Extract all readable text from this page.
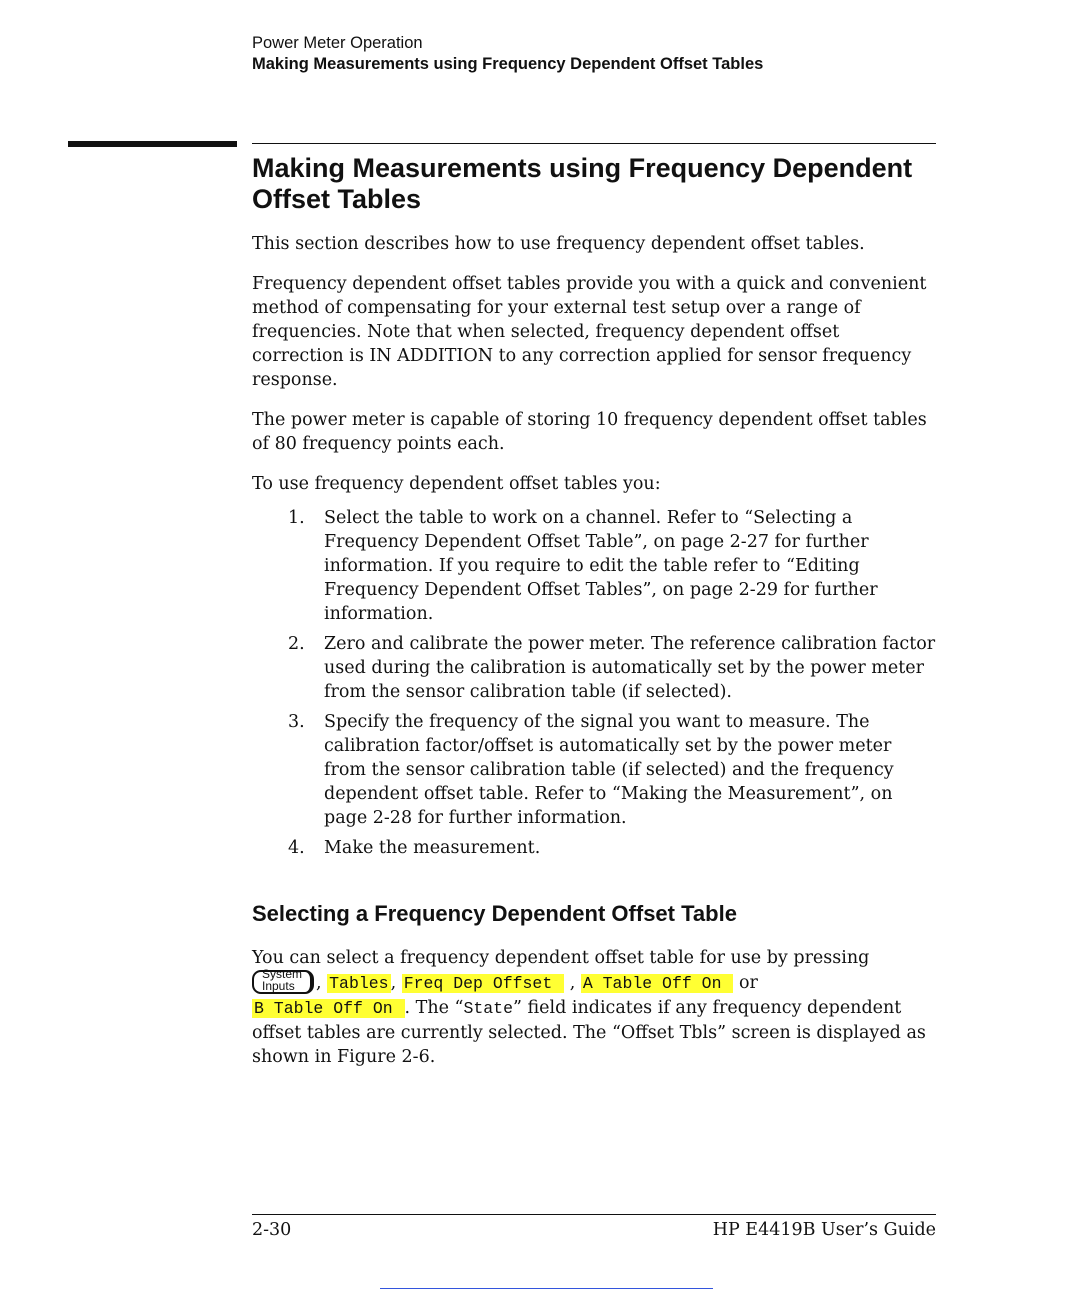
Power Meter Operation
Making Measurements using Frequency Dependent Offset Tables
Making Measurements using Frequency Dependent
Offset Tables

This section describes how to use frequency dependent offset tables.

Frequency dependent offset tables provide you with a quick and convenient method of compensating for your external test setup over a range of frequencies. Note that when selected, frequency dependent offset correction is IN ADDITION to any correction applied for sensor frequency response.

The power meter is capable of storing 10 frequency dependent offset tables of 80 frequency points each.

To use frequency dependent offset tables you:

1. Select the table to work on a channel. Refer to “Selecting a Frequency Dependent Offset Table”, on page 2-27 for further information. If you require to edit the table refer to “Editing Frequency Dependent Offset Tables”, on page 2-29 for further information.
2. Zero and calibrate the power meter. The reference calibration factor used during the calibration is automatically set by the power meter from the sensor calibration table (if selected).
3. Specify the frequency of the signal you want to measure. The calibration factor/offset is automatically set by the power meter from the sensor calibration table (if selected) and the frequency dependent offset table. Refer to “Making the Measurement”, on page 2-28 for further information.
4. Make the measurement.
Selecting a Frequency Dependent Offset Table

You can select a frequency dependent offset table for use by pressing

System
Inputs , Tables , Freq Dep Offset  , A Table Off On  or
B Table Off On . The “State” field indicates if any frequency dependent offset tables are currently selected. The “Offset Tbls” screen is displayed as shown in Figure 2-6.

2-30	HP E4419B User’s Guide
